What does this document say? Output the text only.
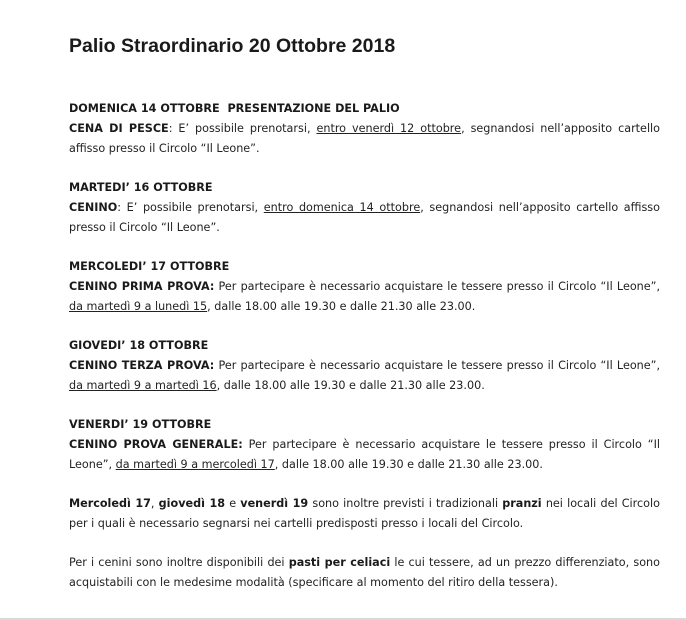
Palio Straordinario 20 Ottobre 2018
DOMENICA 14 OTTOBRE  PRESENTAZIONE DEL PALIO
CENA DI PESCE: E’ possibile prenotarsi, entro venerdì 12 ottobre, segnandosi nell’apposito cartello affisso presso il Circolo “Il Leone”.
MARTEDI’ 16 OTTOBRE
CENINO: E’ possibile prenotarsi, entro domenica 14 ottobre, segnandosi nell’apposito cartello affisso presso il Circolo “Il Leone”.
MERCOLEDI’ 17 OTTOBRE
CENINO PRIMA PROVA: Per partecipare è necessario acquistare le tessere presso il Circolo “Il Leone”, da martedì 9 a lunedì 15, dalle 18.00 alle 19.30 e dalle 21.30 alle 23.00.
GIOVEDI’ 18 OTTOBRE
CENINO TERZA PROVA: Per partecipare è necessario acquistare le tessere presso il Circolo “Il Leone”, da martedì 9 a martedì 16, dalle 18.00 alle 19.30 e dalle 21.30 alle 23.00.
VENERDI’ 19 OTTOBRE
CENINO PROVA GENERALE: Per partecipare è necessario acquistare le tessere presso il Circolo “Il Leone”, da martedì 9 a mercoledì 17, dalle 18.00 alle 19.30 e dalle 21.30 alle 23.00.
Mercoledì 17, giovedì 18 e venerdì 19 sono inoltre previsti i tradizionali pranzi nei locali del Circolo per i quali è necessario segnarsi nei cartelli predisposti presso i locali del Circolo.
Per i cenini sono inoltre disponibili dei pasti per celiaci le cui tessere, ad un prezzo differenziato, sono acquistabili con le medesime modalità (specificare al momento del ritiro della tessera).
